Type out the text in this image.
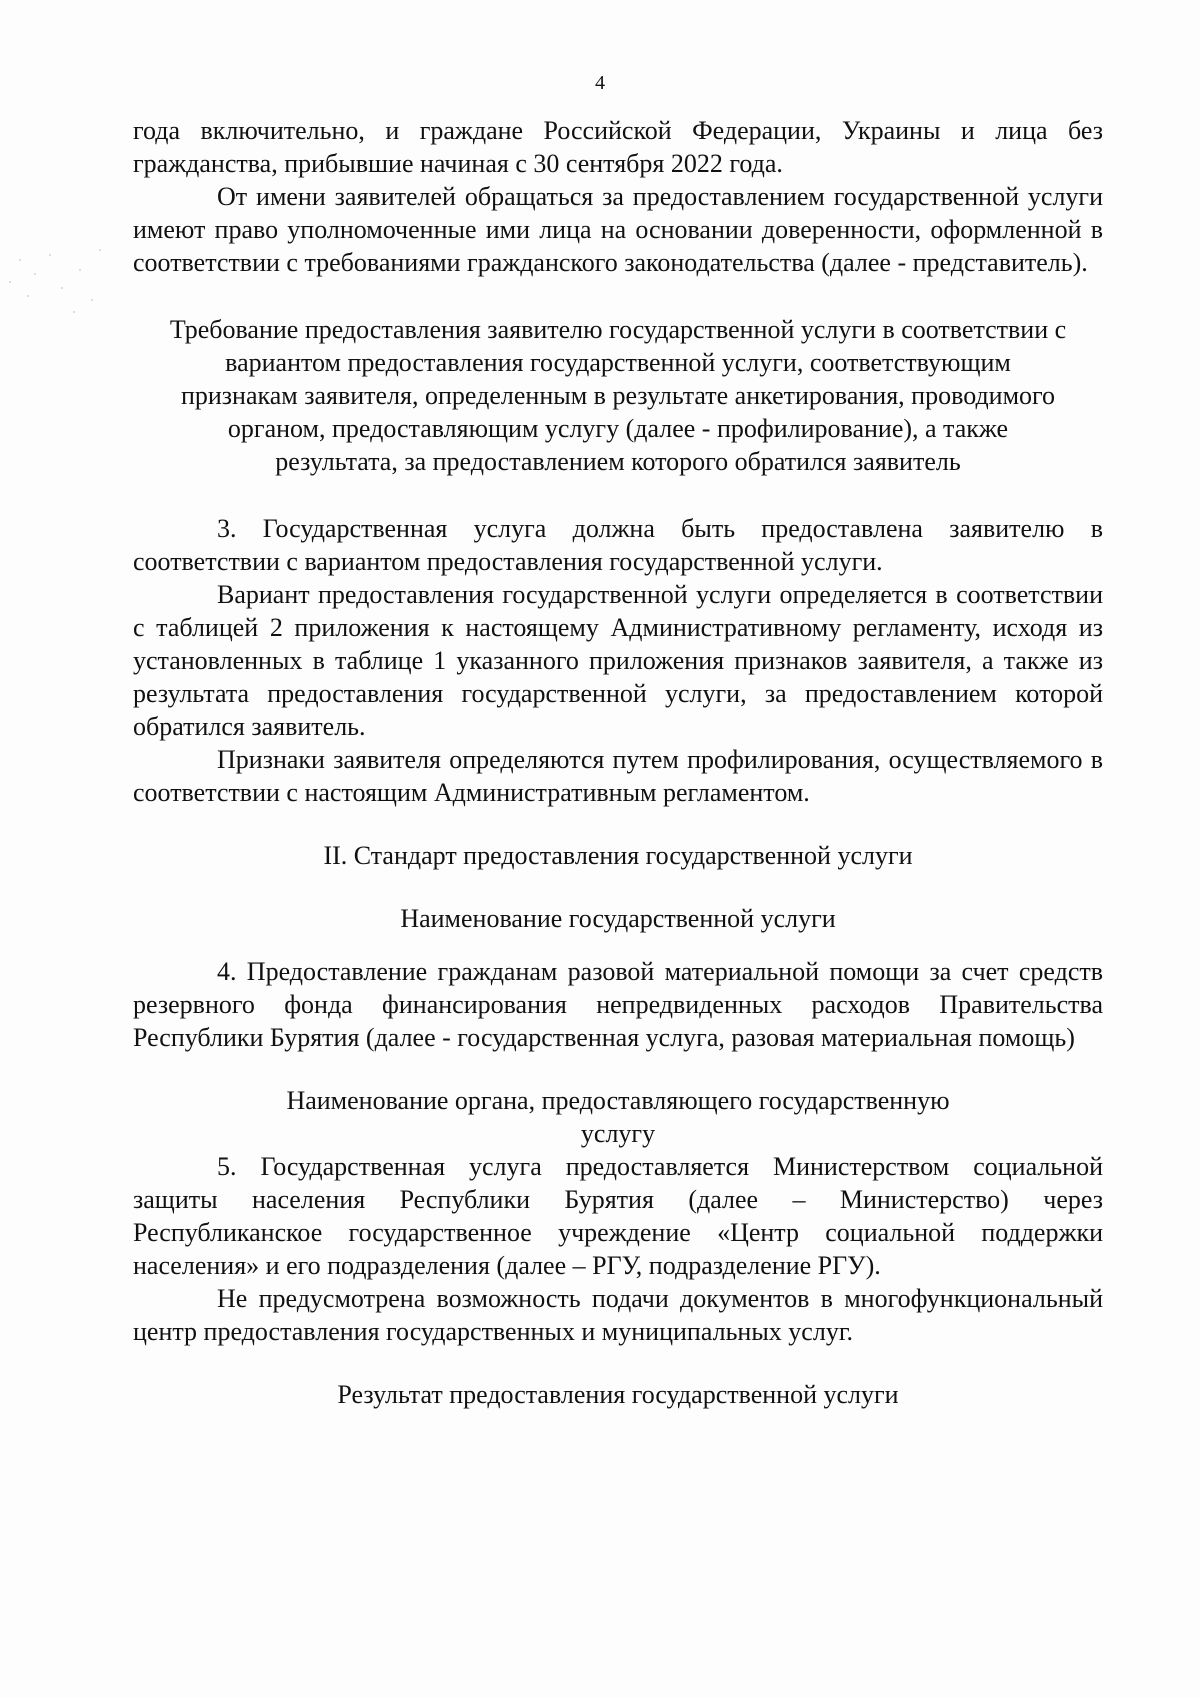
4

года включительно, и граждане Российской Федерации, Украины и лица без гражданства, прибывшие начиная с 30 сентября 2022 года.

От имени заявителей обращаться за предоставлением государственной услуги имеют право уполномоченные ими лица на основании доверенности, оформленной в соответствии с требованиями гражданского законодательства (далее - представитель).

Требование предоставления заявителю государственной услуги в соответствии с вариантом предоставления государственной услуги, соответствующим признакам заявителя, определенным в результате анкетирования, проводимого органом, предоставляющим услугу (далее - профилирование), а также результата, за предоставлением которого обратился заявитель

3. Государственная услуга должна быть предоставлена заявителю в соответствии с вариантом предоставления государственной услуги.

Вариант предоставления государственной услуги определяется в соответствии с таблицей 2 приложения к настоящему Административному регламенту, исходя из установленных в таблице 1 указанного приложения признаков заявителя, а также из результата предоставления государственной услуги, за предоставлением которой обратился заявитель.

Признаки заявителя определяются путем профилирования, осуществляемого в соответствии с настоящим Административным регламентом.

II. Стандарт предоставления государственной услуги

Наименование государственной услуги

4. Предоставление гражданам разовой материальной помощи за счет средств резервного фонда финансирования непредвиденных расходов Правительства Республики Бурятия (далее - государственная услуга, разовая материальная помощь)

Наименование органа, предоставляющего государственную

услугу

5. Государственная услуга предоставляется Министерством социальной защиты населения Республики Бурятия (далее – Министерство) через Республиканское государственное учреждение «Центр социальной поддержки населения» и его подразделения (далее – РГУ, подразделение РГУ).

Не предусмотрена возможность подачи документов в многофункциональный центр предоставления государственных и муниципальных услуг.

Результат предоставления государственной услуги
